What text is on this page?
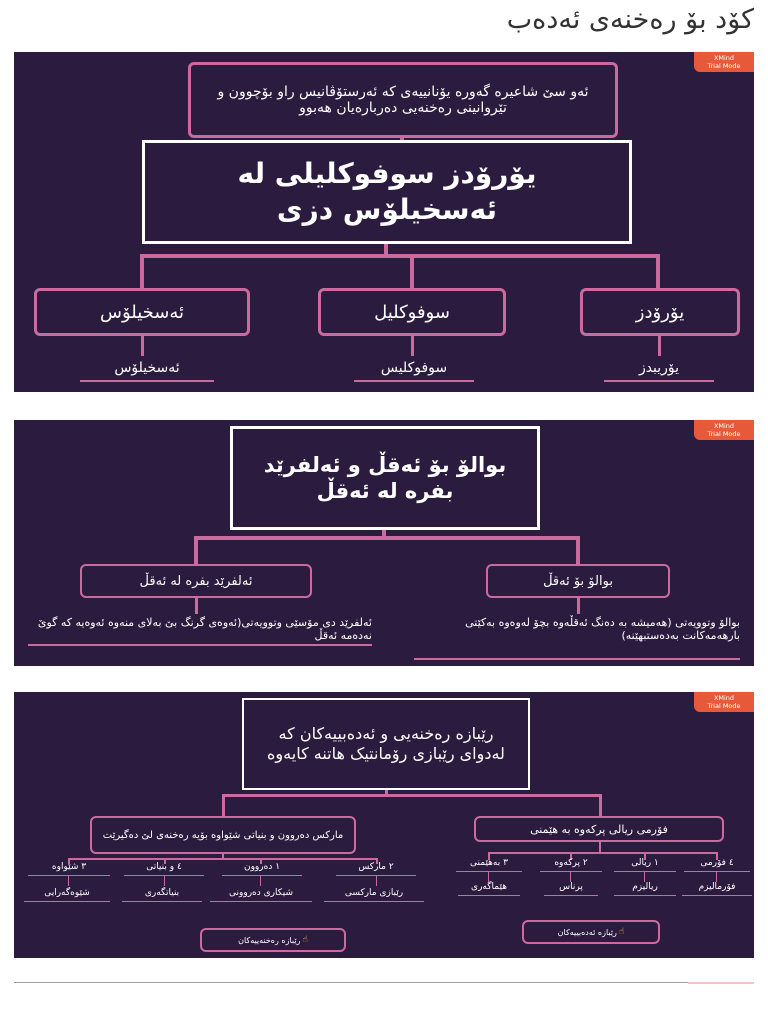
كۆد بۆ رەخنەی ئەدەب
XMind
Trial Mode
ئەو سێ شاعیرە گەورە یۆنانییەی کە ئەرستۆڤانیس راو بۆچوون و تێروانینی رەخنەیی دەربارەیان هەبوو
یۆرۆدز سوفوکلیلی لە ئەسخیلۆس دزی
یۆرۆدز
سوفوکلیل
ئەسخیلۆس
یۆریبدز
سوفوکلیس
ئەسخیلۆس
XMind
Trial Mode
بوالۆ بۆ ئەقڵ و ئەلفرێد بفرە لە ئەقڵ
بوالۆ بۆ ئەقڵ
ئەلفرێد بفرە لە ئەقڵ
بوالۆ وتوویەتی (هەمیشە بە دەنگ ئەقڵەوە بچۆ لەوەوە بەکێتی بارهەمەکانت بەدەستبهێنە)
ئەلفرێد دی مۆسێی وتوویەتی(ئەوەی گرنگ بێ بەلای منەوە ئەوەیە کە گوێ نەدەمە ئەقڵ
XMind
Trial Mode
رێبازە رەخنەیی و ئەدەبییەکان کە لەدوای رێبازی رۆمانتیک هاتنە کایەوە
فۆرمی ریالی پرکەوە بە هێمنی
٤ فۆرمی
١ ریالی
٢ پرکەوە
٣ بەهێمنی
فۆرمالیزم
ریالیزم
پرناس
هێماگەری
مارکس دەروون و بنیاتی شێواوە بۆیە رەخنەی لێ دەگیرێت
٢ مارکس
١ دەروون
٤ و بنیاتی
٣ شێواوە
رێبازی مارکسی
شیکاری دەروونی
بنیاتگەری
شێوەگەرایی
☝
رێبازە ئەدەبییەکان
☝
رێبازە رەخنەییەکان
